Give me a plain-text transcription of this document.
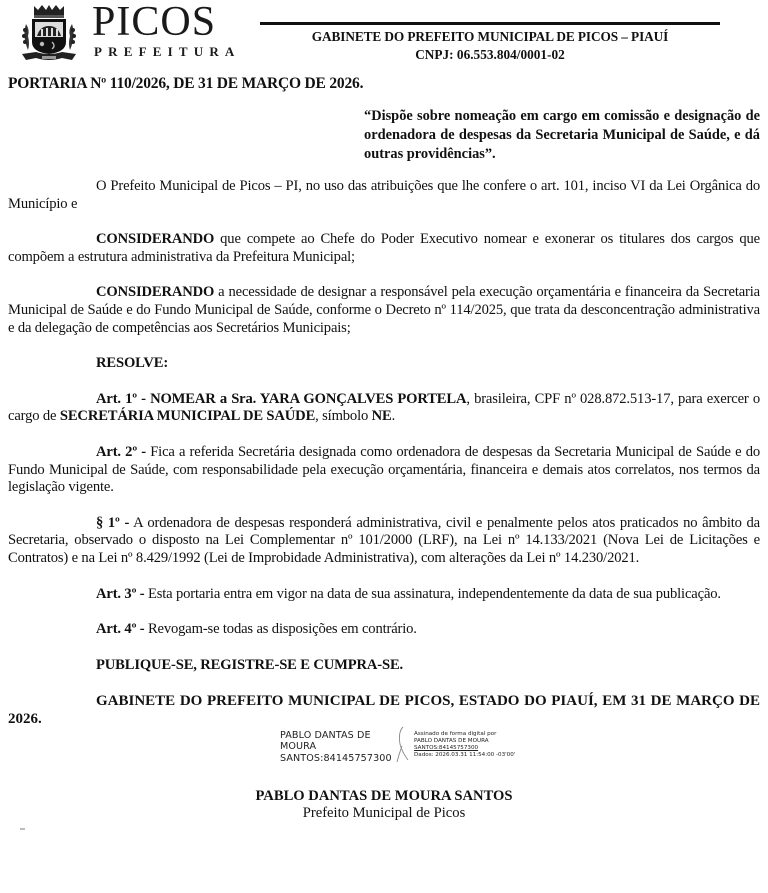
PICOS
PREFEITURA
GABINETE DO PREFEITO MUNICIPAL DE PICOS – PIAUÍ
CNPJ: 06.553.804/0001-02
PORTARIA Nº 110/2026, DE 31 DE MARÇO DE 2026.
“Dispõe sobre nomeação em cargo em comissão e designação de ordenadora de despesas da Secretaria Municipal de Saúde, e dá outras providências”.
O Prefeito Municipal de Picos – PI, no uso das atribuições que lhe confere o art. 101, inciso VI da Lei Orgânica do Município e
CONSIDERANDO que compete ao Chefe do Poder Executivo nomear e exonerar os titulares dos cargos que compõem a estrutura administrativa da Prefeitura Municipal;
CONSIDERANDO a necessidade de designar a responsável pela execução orçamentária e financeira da Secretaria Municipal de Saúde e do Fundo Municipal de Saúde, conforme o Decreto nº 114/2025, que trata da desconcentração administrativa e da delegação de competências aos Secretários Municipais;
RESOLVE:
Art. 1º - NOMEAR a Sra. YARA GONÇALVES PORTELA, brasileira, CPF nº 028.872.513-17, para exercer o cargo de SECRETÁRIA MUNICIPAL DE SAÚDE, símbolo NE.
Art. 2º - Fica a referida Secretária designada como ordenadora de despesas da Secretaria Municipal de Saúde e do Fundo Municipal de Saúde, com responsabilidade pela execução orçamentária, financeira e demais atos correlatos, nos termos da legislação vigente.
§ 1º - A ordenadora de despesas responderá administrativa, civil e penalmente pelos atos praticados no âmbito da Secretaria, observado o disposto na Lei Complementar nº 101/2000 (LRF), na Lei nº 14.133/2021 (Nova Lei de Licitações e Contratos) e na Lei nº 8.429/1992 (Lei de Improbidade Administrativa), com alterações da Lei nº 14.230/2021.
Art. 3º - Esta portaria entra em vigor na data de sua assinatura, independentemente da data de sua publicação.
Art. 4º - Revogam-se todas as disposições em contrário.
PUBLIQUE-SE, REGISTRE-SE E CUMPRA-SE.
GABINETE DO PREFEITO MUNICIPAL DE PICOS, ESTADO DO PIAUÍ, EM 31 DE MARÇO DE 2026.
PABLO DANTAS DE
MOURA
SANTOS:84145757300
Assinado de forma digital por
PABLO DANTAS DE MOURA
SANTOS:84145757300
Dados: 2026.03.31 11:54:00 -03'00'
PABLO DANTAS DE MOURA SANTOS
Prefeito Municipal de Picos
